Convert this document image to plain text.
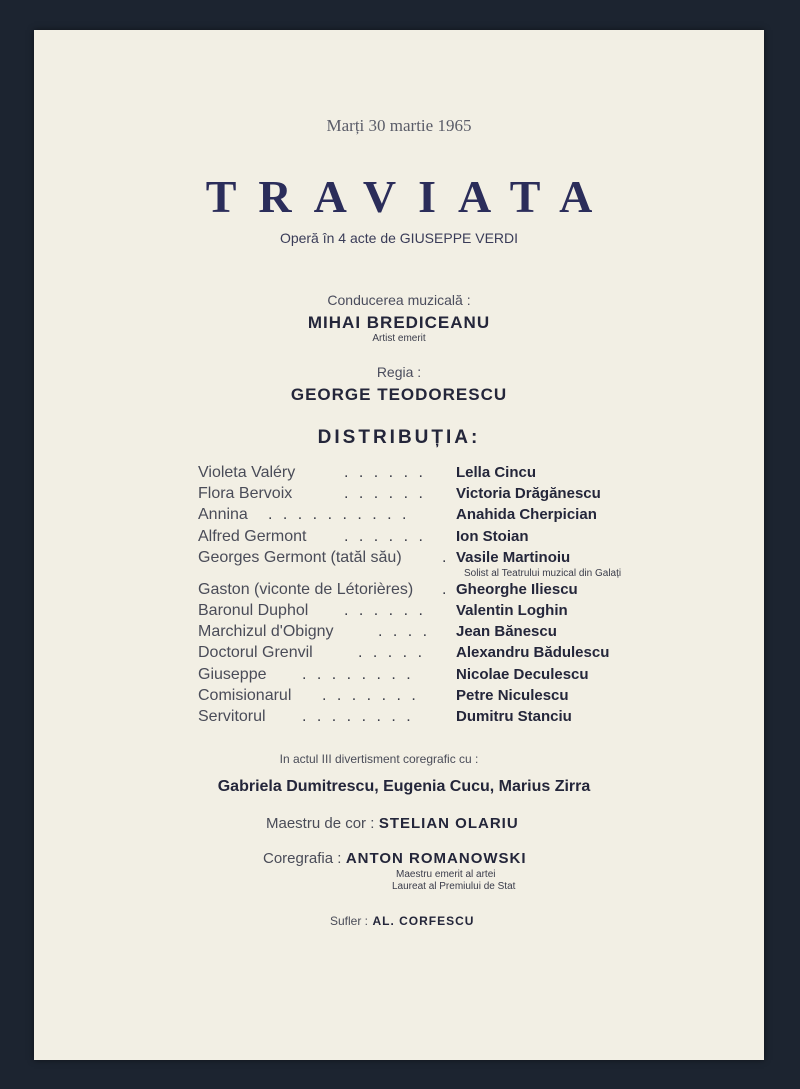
Marți 30 martie 1965
TRAVIATA
Operă în 4 acte de GIUSEPPE VERDI
Conducerea muzicală :
MIHAI BREDICEANU
Artist emerit
Regia :
GEORGE TEODORESCU
DISTRIBUȚIA:
Violeta Valéry	. . . . . . Lella Cincu
Flora Bervoix	. . . . . . Victoria Drăgănescu
Annina . . . . . . . . . .	Anahida Cherpician
Alfred Germont . . . . . . Ion Stoian
Georges Germont (tatăl său)	. Vasile Martinoiu
Solist al Teatrului muzical din Galați
Gaston (viconte de Létorières) . Gheorghe Iliescu
Baronul Duphol . . . . . . Valentin Loghin
Marchizul d'Obigny	. . . . Jean Bănescu
Doctorul Grenvil	. . . . . Alexandru Bădulescu
Giuseppe . . . . . . . .	Nicolae Deculescu
Comisionarul . . . . . . . Petre Niculescu
Servitorul . . . . . . . .	Dumitru Stanciu
In actul III divertisment coregrafic cu :
Gabriela Dumitrescu, Eugenia Cucu, Marius Zirra
Maestru de cor : STELIAN OLARIU
Coregrafia : ANTON ROMANOWSKI
Maestru emerit al artei
Laureat al Premiului de Stat
Sufler : AL. CORFESCU
